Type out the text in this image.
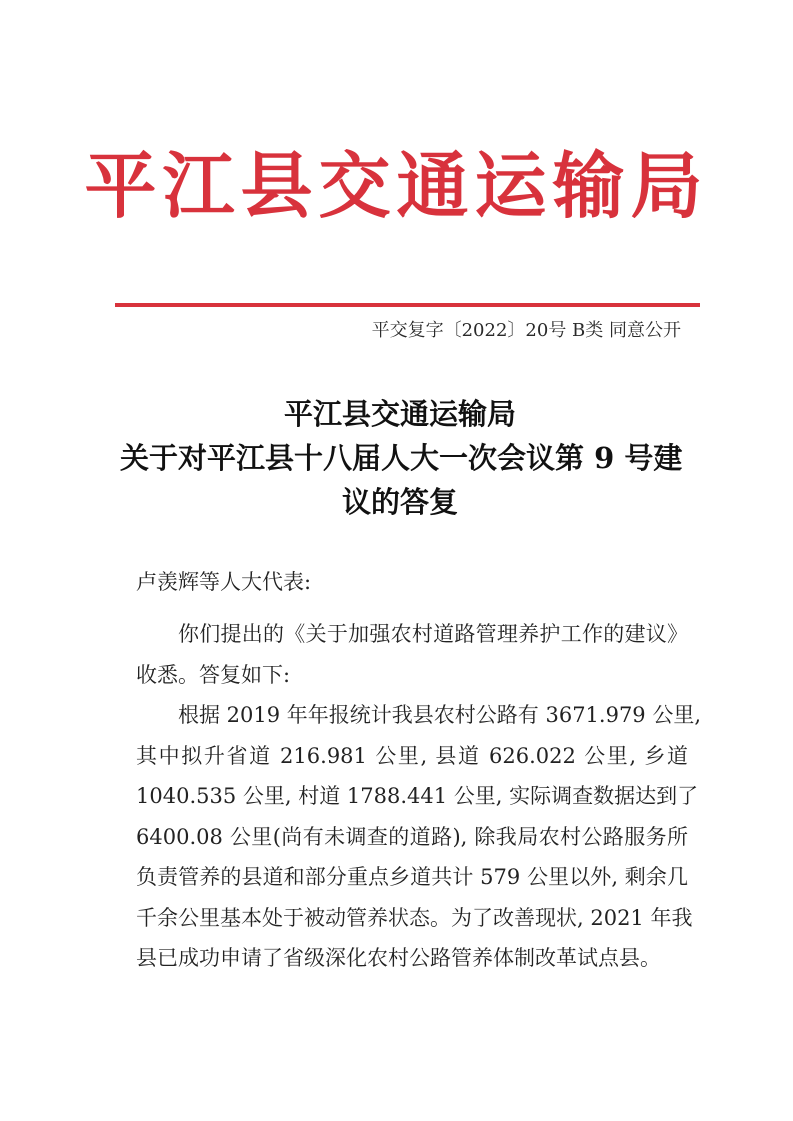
平江县交通运输局
平交复字〔2022〕20号 B类 同意公开
平江县交通运输局
关于对平江县十八届人大一次会议第 9 号建
议的答复
卢羡辉等人大代表:
你们提出的《关于加强农村道路管理养护工作的建议》
收悉。答复如下:
根据 2019 年年报统计我县农村公路有 3671.979 公里,
其中拟升省道 216.981 公里, 县道 626.022 公里, 乡道
1040.535 公里, 村道 1788.441 公里, 实际调查数据达到了
6400.08 公里(尚有未调查的道路), 除我局农村公路服务所
负责管养的县道和部分重点乡道共计 579 公里以外, 剩余几
千余公里基本处于被动管养状态。为了改善现状, 2021 年我
县已成功申请了省级深化农村公路管养体制改革试点县。
